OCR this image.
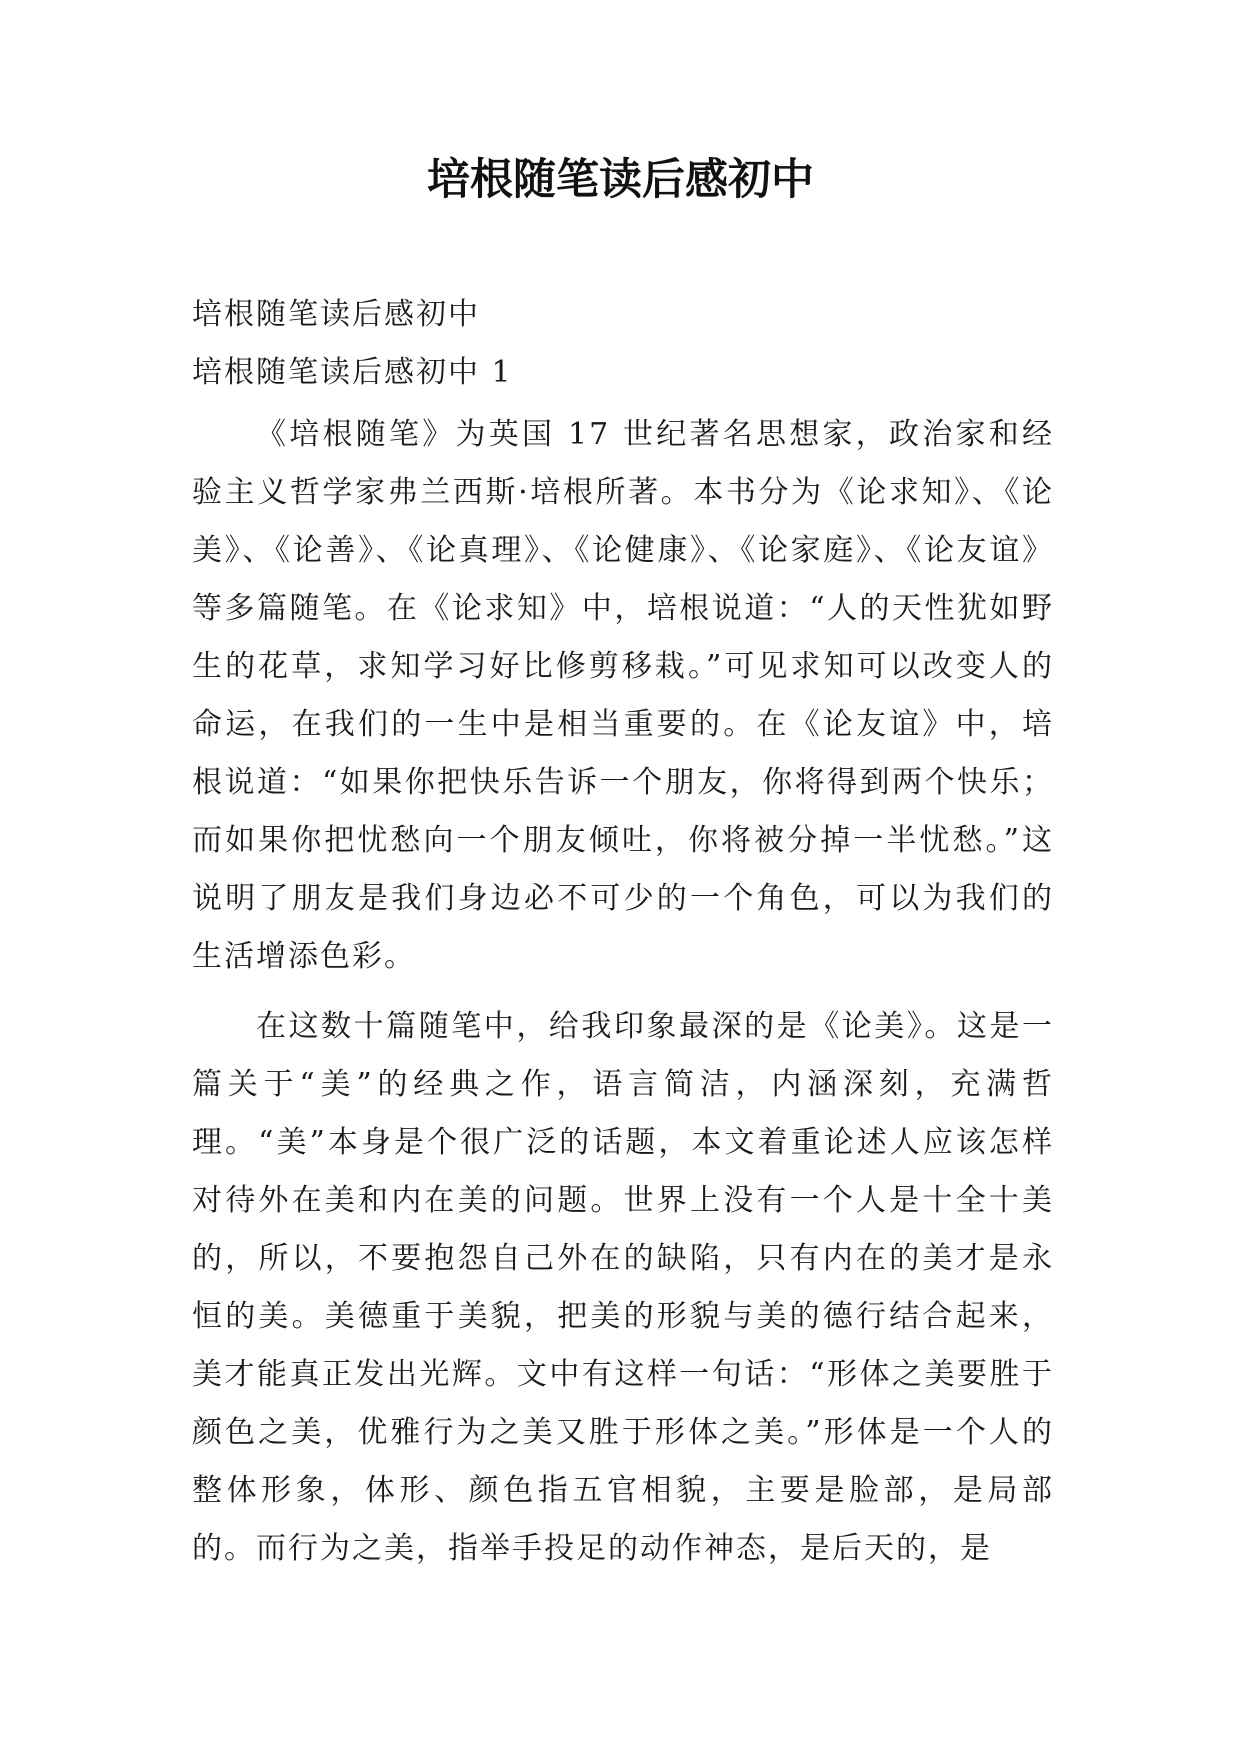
培根随笔读后感初中

培根随笔读后感初中

培根随笔读后感初中 1

《培根随笔》为英国 17 世纪著名思想家，政治家和经验主义哲学家弗兰西斯·培根所著。本书分为《论求知》、《论美》、《论善》、《论真理》、《论健康》、《论家庭》、《论友谊》等多篇随笔。在《论求知》中，培根说道：“人的天性犹如野生的花草，求知学习好比修剪移栽。”可见求知可以改变人的命运，在我们的一生中是相当重要的。在《论友谊》中，培根说道：“如果你把快乐告诉一个朋友，你将得到两个快乐；而如果你把忧愁向一个朋友倾吐，你将被分掉一半忧愁。”这说明了朋友是我们身边必不可少的一个角色，可以为我们的生活增添色彩。

在这数十篇随笔中，给我印象最深的是《论美》。这是一篇关于“美”的经典之作，语言简洁，内涵深刻，充满哲理。“美”本身是个很广泛的话题，本文着重论述人应该怎样对待外在美和内在美的问题。世界上没有一个人是十全十美的，所以，不要抱怨自己外在的缺陷，只有内在的美才是永恒的美。美德重于美貌，把美的形貌与美的德行结合起来，美才能真正发出光辉。文中有这样一句话：“形体之美要胜于颜色之美，优雅行为之美又胜于形体之美。”形体是一个人的整体形象，体形、颜色指五官相貌，主要是脸部，是局部的。而行为之美，指举手投足的动作神态，是后天的，是
